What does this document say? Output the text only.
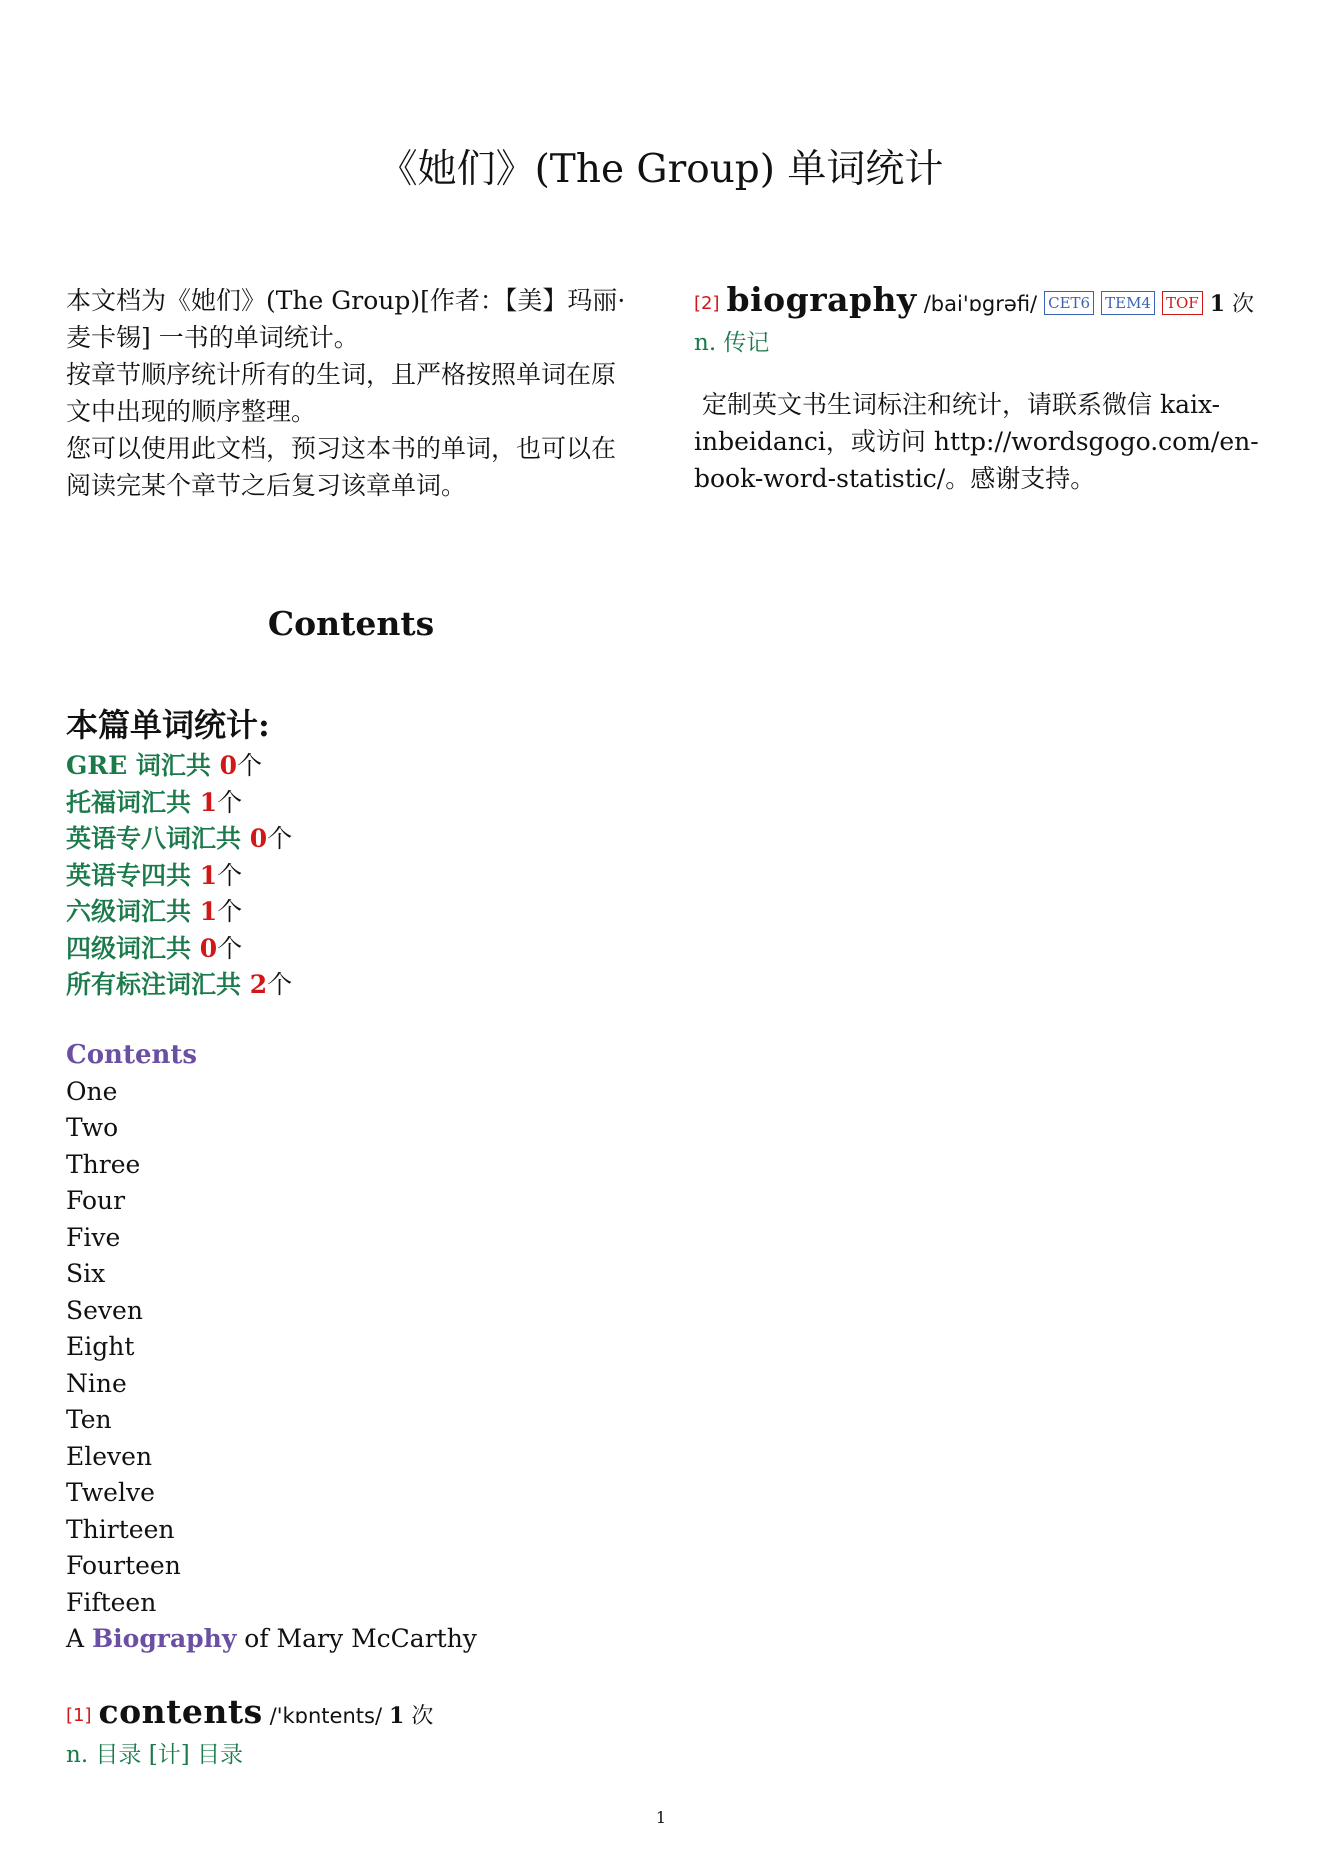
《她们》(The Group) 单词统计

本文档为《她们》(The Group)[作者：【美】玛丽·麦卡锡] 一书的单词统计。

按章节顺序统计所有的生词，且严格按照单词在原文中出现的顺序整理。

您可以使用此文档，预习这本书的单词，也可以在阅读完某个章节之后复习该章单词。

[2] biography /bai'ɒgrəfi/ CET6 TEM4 TOF 1 次
n. 传记

定制英文书生词标注和统计，请联系微信 kaix-inbeidanci，或访问 http://wordsgogo.com/en-book-word-statistic/。感谢支持。

Contents

本篇单词统计:

GRE 词汇共 0个
托福词汇共 1个
英语专八词汇共 0个
英语专四共 1个
六级词汇共 1个
四级词汇共 0个
所有标注词汇共 2个
Contents
One
Two
Three
Four
Five
Six
Seven
Eight
Nine
Ten
Eleven
Twelve
Thirteen
Fourteen
Fifteen
A Biography of Mary McCarthy
[1] contents /'kɒntents/ 1 次
n. 目录 [计] 目录
1
